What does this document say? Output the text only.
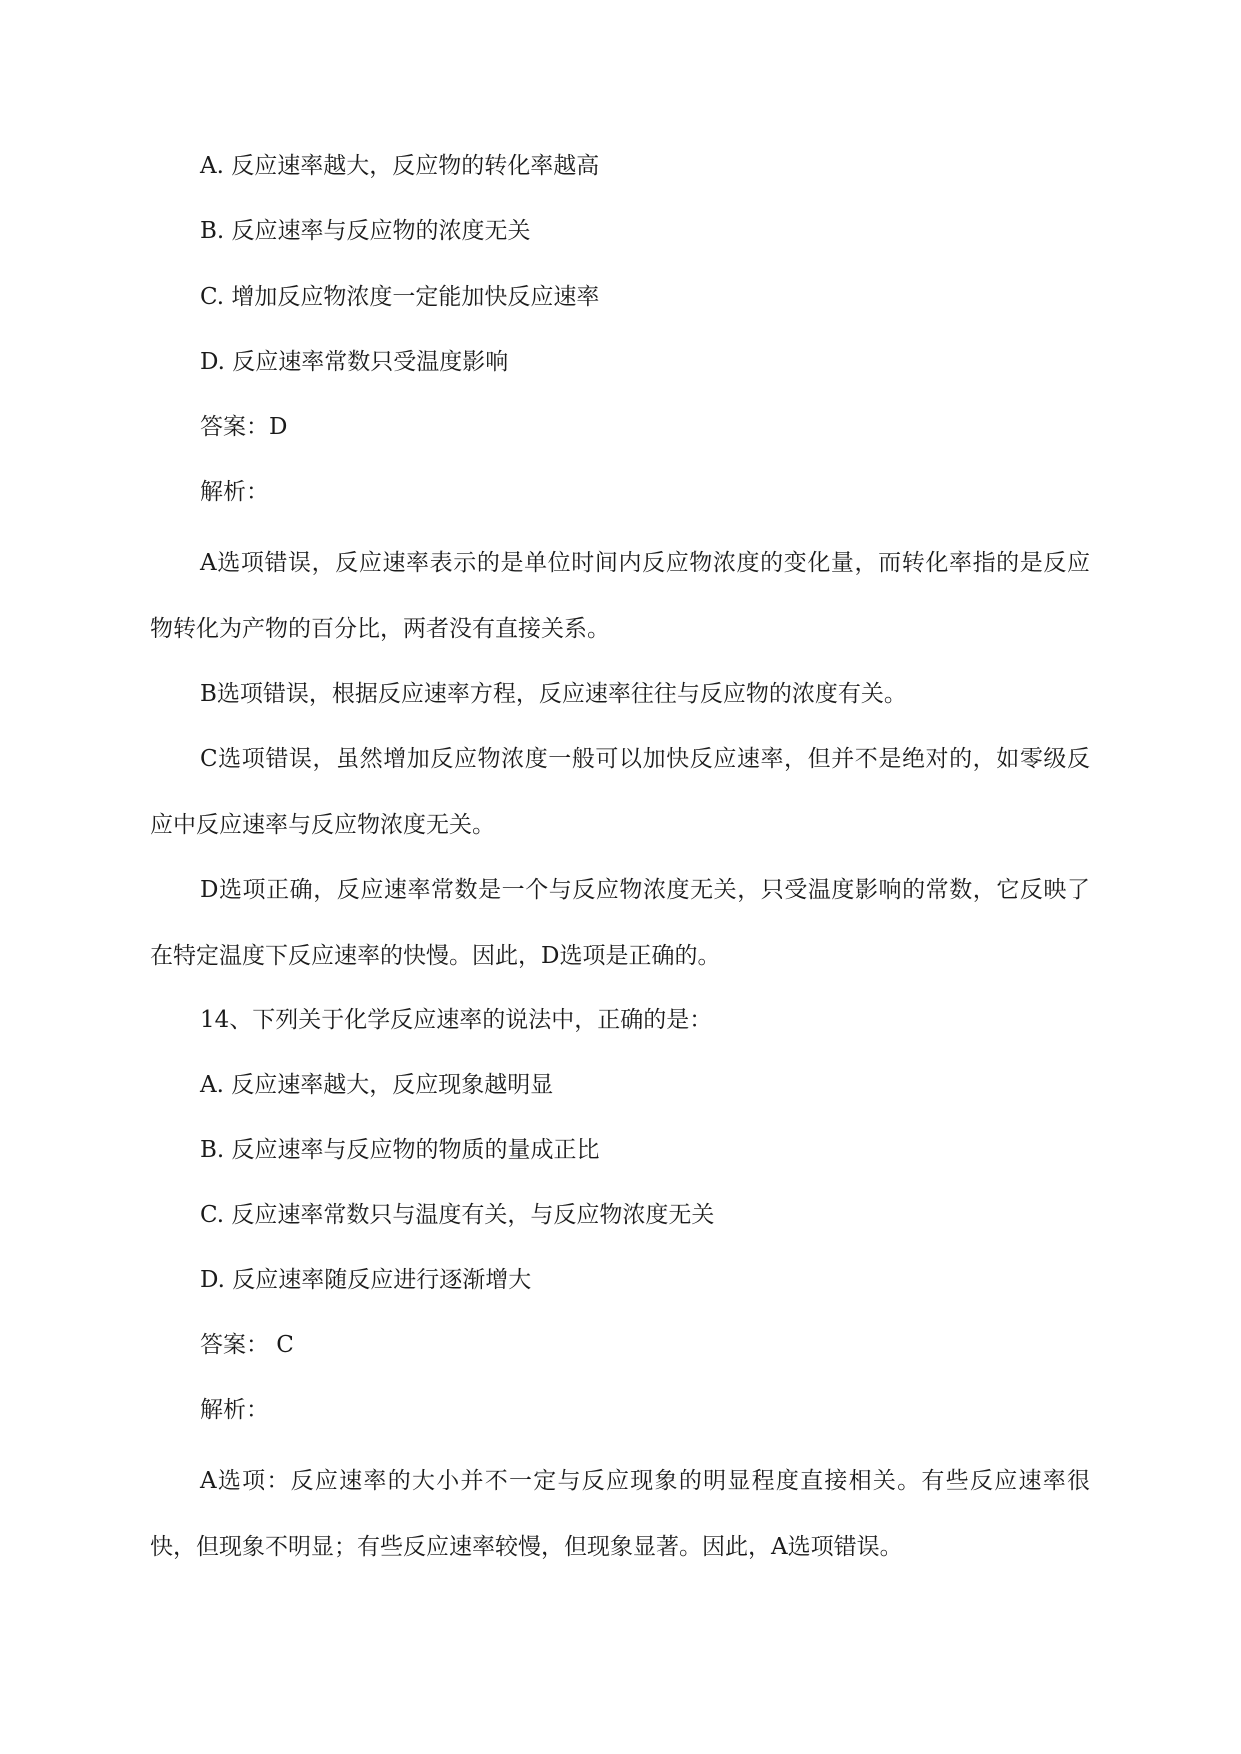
A. 反应速率越大，反应物的转化率越高
B. 反应速率与反应物的浓度无关
C. 增加反应物浓度一定能加快反应速率
D. 反应速率常数只受温度影响
答案：D
解析：
A选项错误，反应速率表示的是单位时间内反应物浓度的变化量，而转化率指的是反应物转化为产物的百分比，两者没有直接关系。
B选项错误，根据反应速率方程，反应速率往往与反应物的浓度有关。
C选项错误，虽然增加反应物浓度一般可以加快反应速率，但并不是绝对的，如零级反应中反应速率与反应物浓度无关。
D选项正确，反应速率常数是一个与反应物浓度无关，只受温度影响的常数，它反映了在特定温度下反应速率的快慢。因此，D选项是正确的。
14、下列关于化学反应速率的说法中，正确的是：
A. 反应速率越大，反应现象越明显
B. 反应速率与反应物的物质的量成正比
C. 反应速率常数只与温度有关，与反应物浓度无关
D. 反应速率随反应进行逐渐增大
答案： C
解析：
A选项：反应速率的大小并不一定与反应现象的明显程度直接相关。有些反应速率很快，但现象不明显；有些反应速率较慢，但现象显著。因此，A选项错误。
